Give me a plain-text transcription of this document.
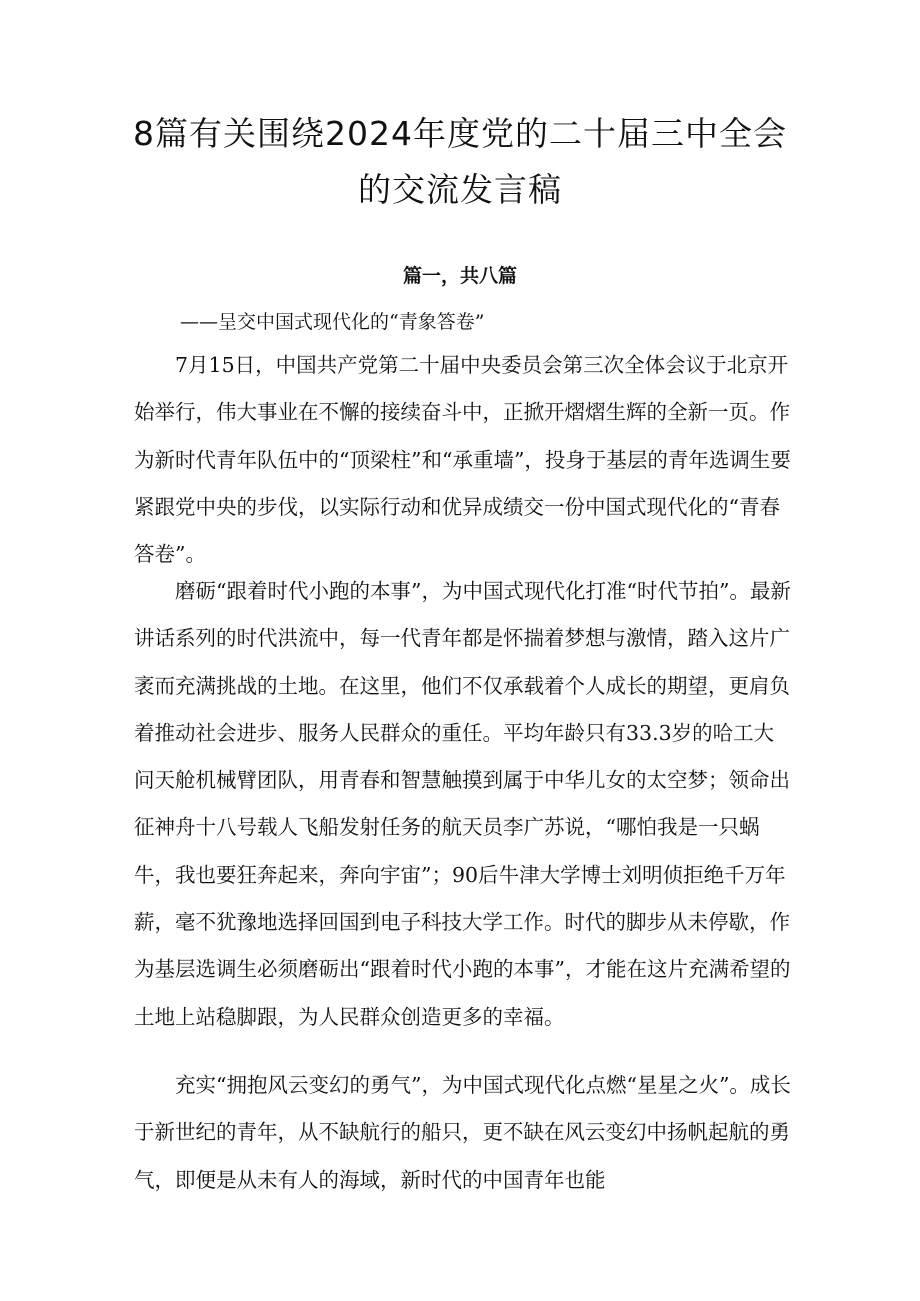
8篇有关围绕2024年度党的二十届三中全会的交流发言稿
篇一，共八篇

——呈交中国式现代化的“青象答卷”

7月15日，中国共产党第二十届中央委员会第三次全体会议于北京开始举行，伟大事业在不懈的接续奋斗中，正掀开熠熠生辉的全新一页。作为新时代青年队伍中的“顶梁柱”和“承重墙”，投身于基层的青年选调生要紧跟党中央的步伐，以实际行动和优异成绩交一份中国式现代化的“青春答卷”。

磨砺“跟着时代小跑的本事”，为中国式现代化打准“时代节拍”。最新讲话系列的时代洪流中，每一代青年都是怀揣着梦想与激情，踏入这片广袤而充满挑战的土地。在这里，他们不仅承载着个人成长的期望，更肩负着推动社会进步、服务人民群众的重任。平均年龄只有33.3岁的哈工大问天舱机械臂团队，用青春和智慧触摸到属于中华儿女的太空梦；领命出征神舟十八号载人飞船发射任务的航天员李广苏说，“哪怕我是一只蜗牛，我也要狂奔起来，奔向宇宙”；90后牛津大学博士刘明侦拒绝千万年薪，毫不犹豫地选择回国到电子科技大学工作。时代的脚步从未停歇，作为基层选调生必须磨砺出“跟着时代小跑的本事”，才能在这片充满希望的土地上站稳脚跟，为人民群众创造更多的幸福。

充实“拥抱风云变幻的勇气”，为中国式现代化点燃“星星之火”。成长于新世纪的青年，从不缺航行的船只，更不缺在风云变幻中扬帆起航的勇气，即便是从未有人的海域，新时代的中国青年也能
